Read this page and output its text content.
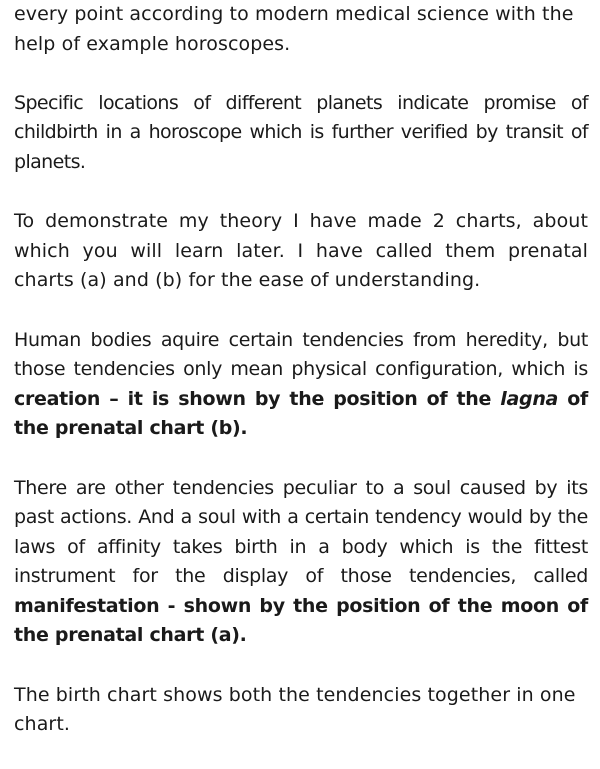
every point according to modern medical science with the help of example horoscopes.

Specific locations of different planets indicate promise of childbirth in a horoscope which is further verified by transit of planets.

To demonstrate my theory I have made 2 charts, about which you will learn later. I have called them prenatal charts (a) and (b) for the ease of understanding.

Human bodies aquire certain tendencies from heredity, but those tendencies only mean physical configuration, which is creation – it is shown by the position of the lagna of the prenatal chart (b).

There are other tendencies peculiar to a soul caused by its past actions. And a soul with a certain tendency would by the laws of affinity takes birth in a body which is the fittest instrument for the display of those tendencies, called manifestation - shown by the position of the moon of the prenatal chart (a).

The birth chart shows both the tendencies together in one chart.
